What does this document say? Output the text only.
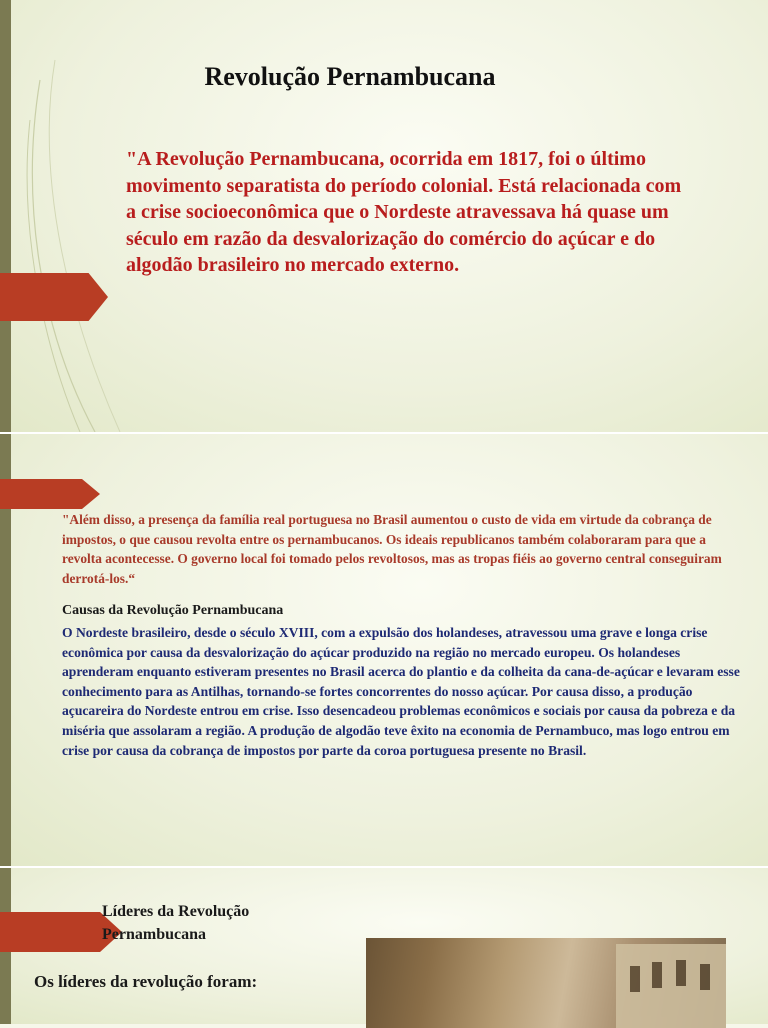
Revolução Pernambucana
"A Revolução Pernambucana, ocorrida em 1817, foi o último movimento separatista do período colonial. Está relacionada com a crise socioeconômica que o Nordeste atravessava há quase um século em razão da desvalorização do comércio do açúcar e do algodão brasileiro no mercado externo.
"Além disso, a presença da família real portuguesa no Brasil aumentou o custo de vida em virtude da cobrança de impostos, o que causou revolta entre os pernambucanos. Os ideais republicanos também colaboraram para que a revolta acontecesse. O governo local foi tomado pelos revoltosos, mas as tropas fiéis ao governo central conseguiram derrotá-los.“
Causas da Revolução Pernambucana
O Nordeste brasileiro, desde o século XVIII, com a expulsão dos holandeses, atravessou uma grave e longa crise econômica por causa da desvalorização do açúcar produzido na região no mercado europeu. Os holandeses aprenderam enquanto estiveram presentes no Brasil acerca do plantio e da colheita da cana-de-açúcar e levaram esse conhecimento para as Antilhas, tornando-se fortes concorrentes do nosso açúcar. Por causa disso, a produção açucareira do Nordeste entrou em crise. Isso desencadeou problemas econômicos e sociais por causa da pobreza e da miséria que assolaram a região. A produção de algodão teve êxito na economia de Pernambuco, mas logo entrou em crise por causa da cobrança de impostos por parte da coroa portuguesa presente no Brasil.
Líderes da Revolução Pernambucana
Os líderes da revolução foram:
